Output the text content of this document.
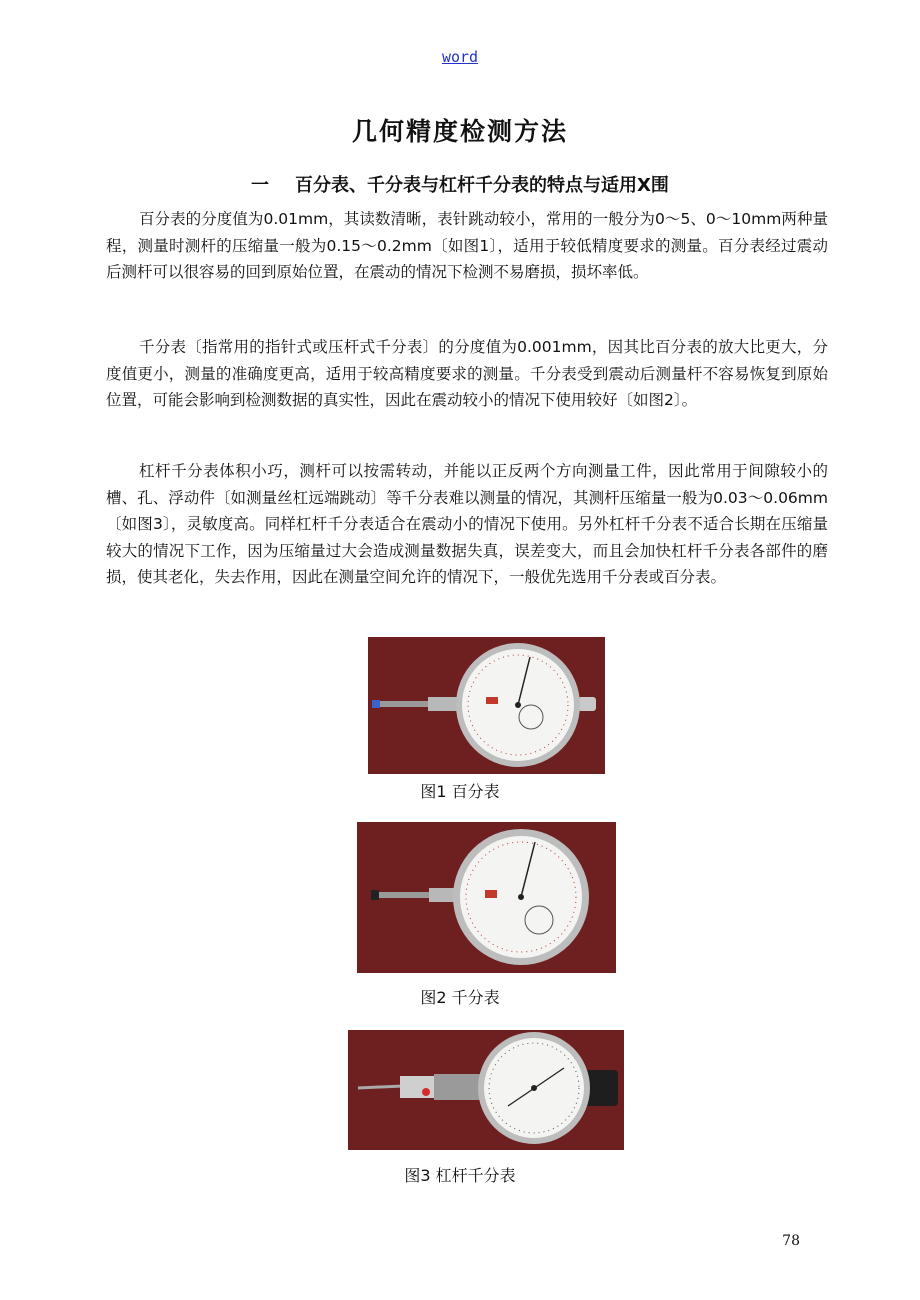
word
几何精度检测方法
一 百分表、千分表与杠杆千分表的特点与适用X围

百分表的分度值为0.01mm，其读数清晰，表针跳动较小，常用的一般分为0～5、0～10mm两种量程，测量时测杆的压缩量一般为0.15～0.2mm〔如图1〕，适用于较低精度要求的测量。百分表经过震动后测杆可以很容易的回到原始位置，在震动的情况下检测不易磨损，损坏率低。

千分表〔指常用的指针式或压杆式千分表〕的分度值为0.001mm，因其比百分表的放大比更大，分度值更小，测量的准确度更高，适用于较高精度要求的测量。千分表受到震动后测量杆不容易恢复到原始位置，可能会影响到检测数据的真实性，因此在震动较小的情况下使用较好〔如图2〕。

杠杆千分表体积小巧，测杆可以按需转动，并能以正反两个方向测量工件，因此常用于间隙较小的槽、孔、浮动件〔如测量丝杠远端跳动〕等千分表难以测量的情况，其测杆压缩量一般为0.03～0.06mm〔如图3〕，灵敏度高。同样杠杆千分表适合在震动小的情况下使用。另外杠杆千分表不适合长期在压缩量较大的情况下工作，因为压缩量过大会造成测量数据失真，误差变大，而且会加快杠杆千分表各部件的磨损，使其老化，失去作用，因此在测量空间允许的情况下，一般优先选用千分表或百分表。

图1 百分表
图2 千分表
图3 杠杆千分表
78
